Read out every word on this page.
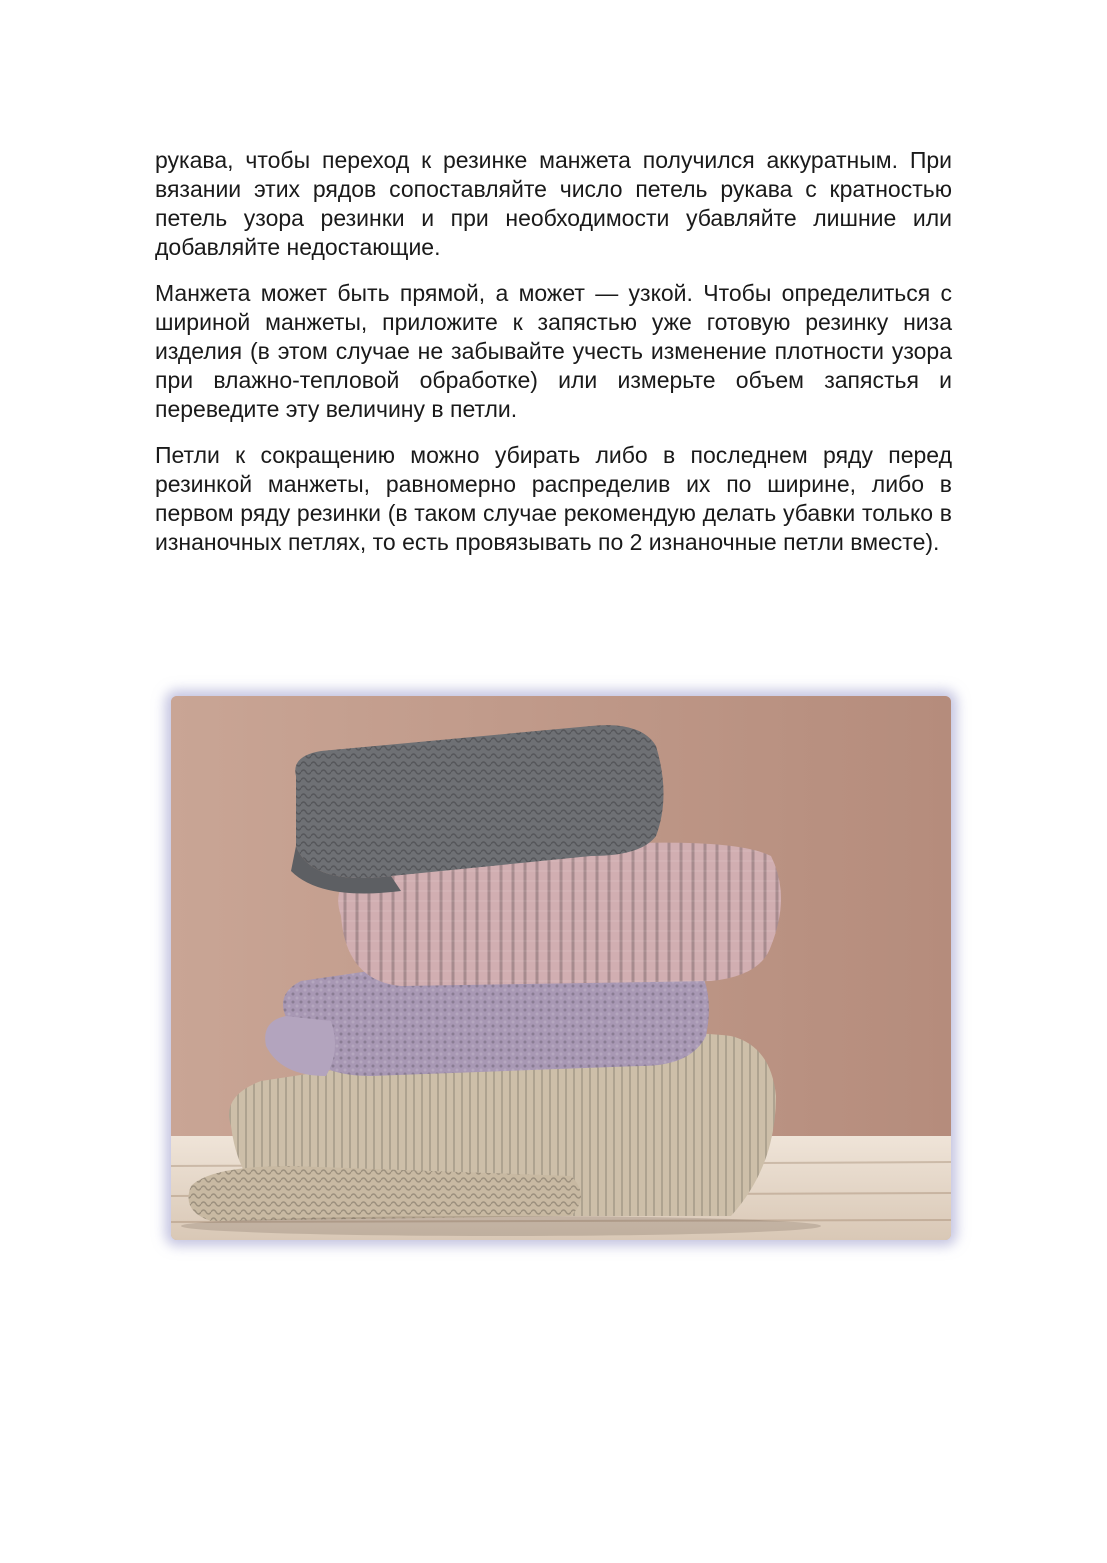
рукава, чтобы переход к резинке манжета получился аккуратным. При вязании этих рядов сопоставляйте число петель рукава с кратностью петель узора резинки и при необходимости убавляйте лишние или добавляйте недостающие.

Манжета может быть прямой, а может — узкой. Чтобы определиться с шириной манжеты, приложите к запястью уже готовую резинку низа изделия (в этом случае не забывайте учесть изменение плотности узора при влажно-тепловой обработке) или измерьте объем запястья и переведите эту величину в петли.

Петли к сокращению можно убирать либо в последнем ряду перед резинкой манжеты, равномерно распределив их по ширине, либо в первом ряду резинки (в таком случае рекомендую делать убавки только в изнаночных петлях, то есть провязывать по 2 изнаночные петли вместе).
